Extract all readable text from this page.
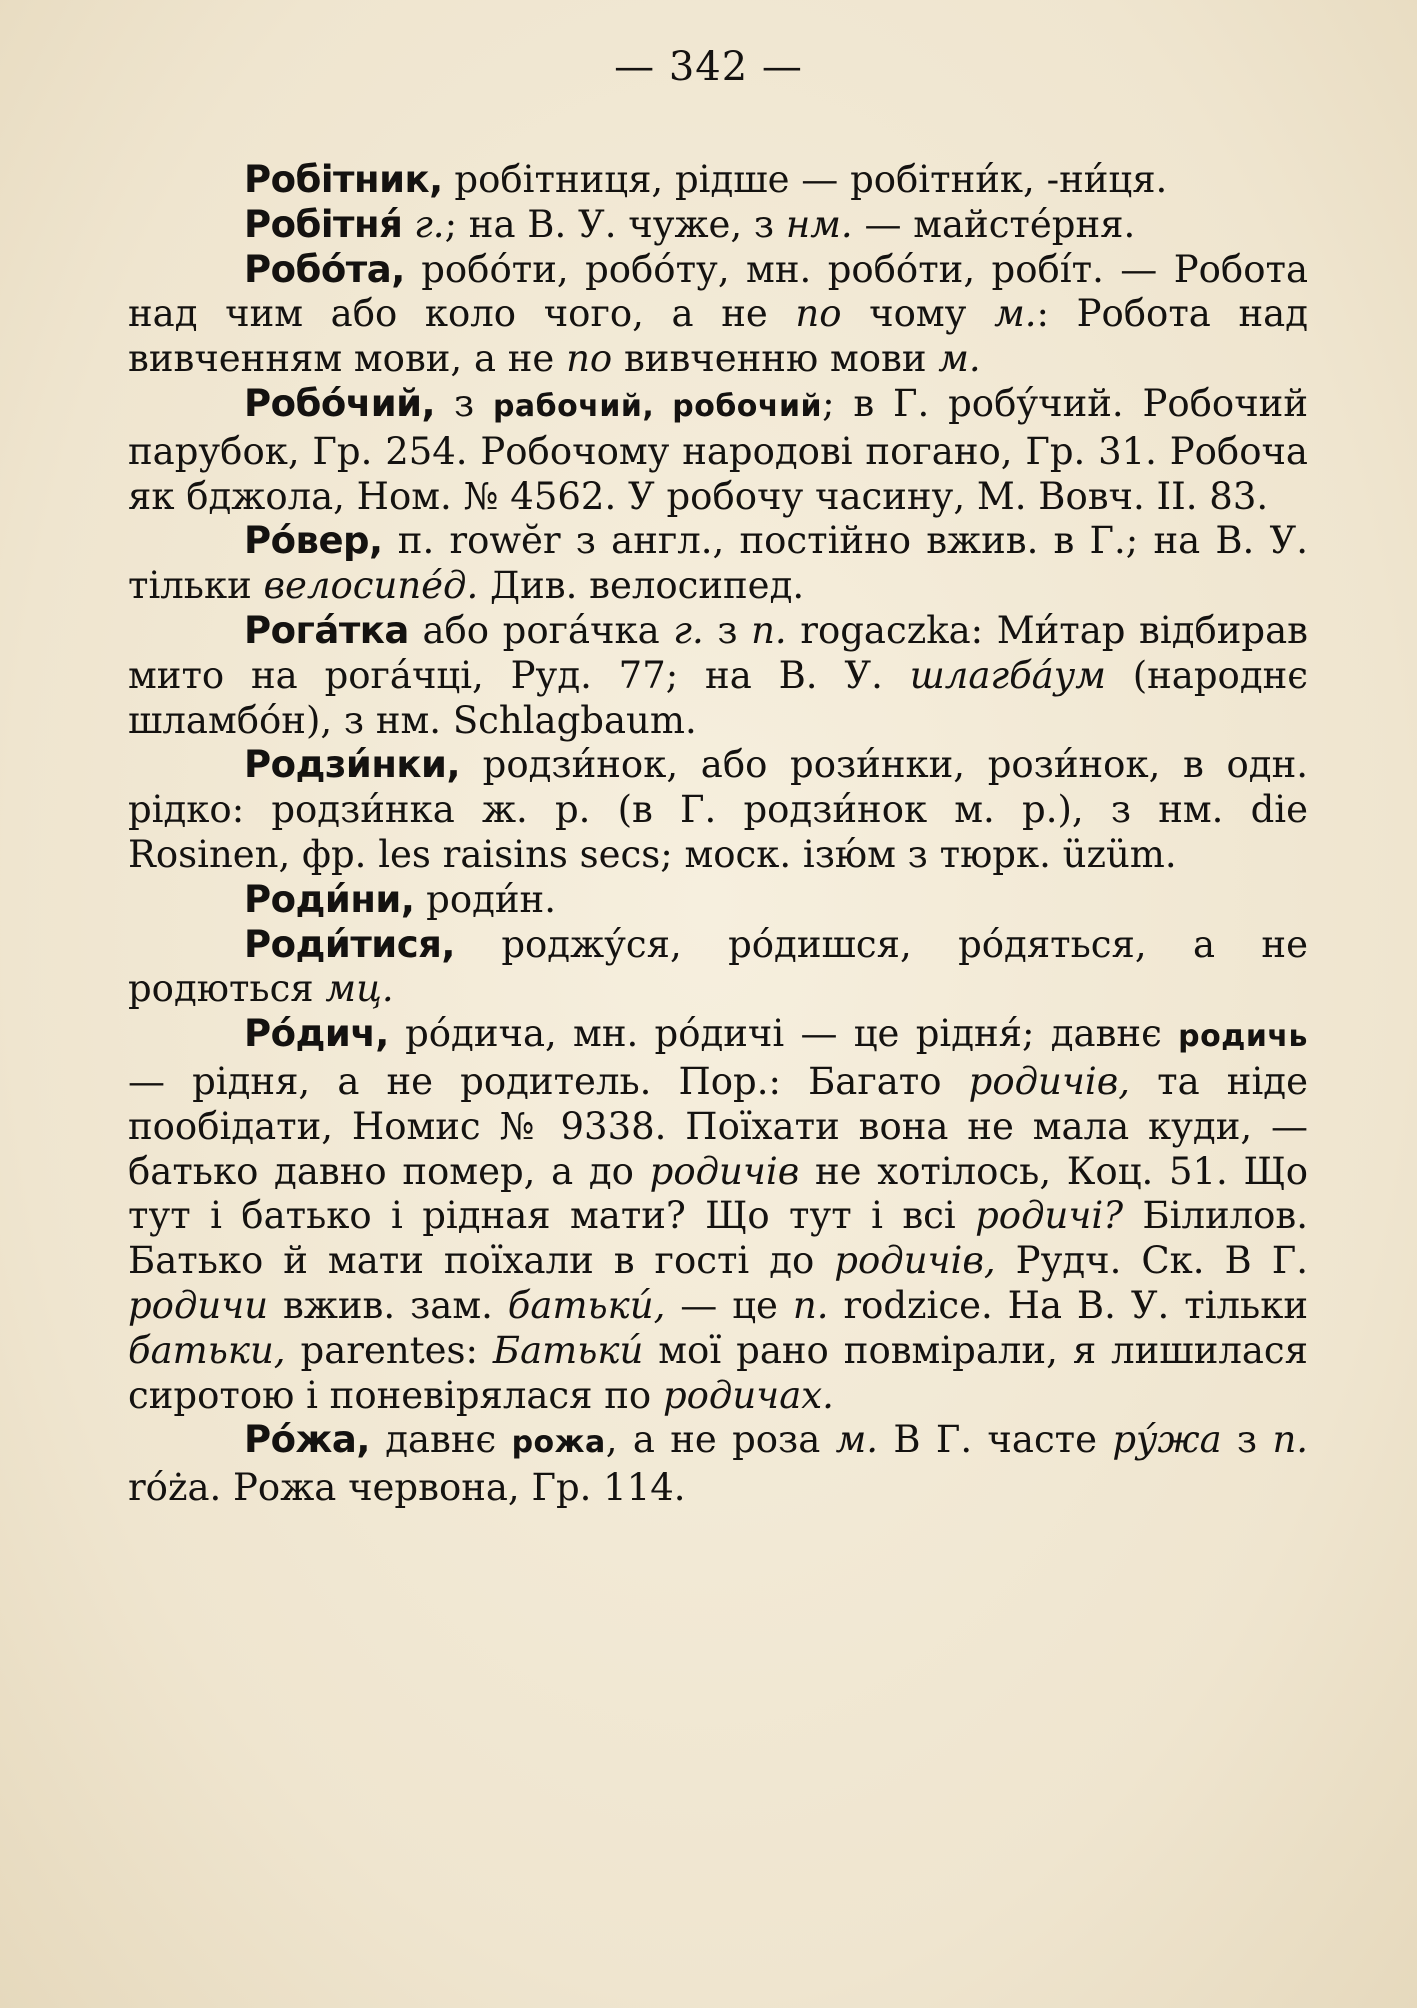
— 342 —

Робітник, робітниця, рідше — робітни́к, -ни́ця.

Робітня́ г.; на В. У. чуже, з нм. — майсте́рня.

Робо́та, робо́ти, робо́ту, мн. робо́ти, робі́т. — Робота над чим або коло чого, а не по чому м.: Робота над вивченням мови, а не по вивченню мови м.

Робо́чий, з рабочий, робочий; в Г. робу́чий. Робочий парубок, Гр. 254. Робочому народові погано, Гр. 31. Робоча як бджола, Ном. № 4562. У робочу часину, М. Вовч. II. 83.

Ро́вер, п. rowĕr з англ., постійно вжив. в Г.; на В. У. тільки велосипе́д. Див. велосипед.

Рога́тка або рога́чка г. з п. rogaczka: Ми́тар відбирав мито на рога́чці, Руд. 77; на В. У. шлагба́ум (народнє шламбо́н), з нм. Schlagbaum.

Родзи́нки, родзи́нок, або рози́нки, рози́нок, в одн. рідко: родзи́нка ж. р. (в Г. родзи́нок м. р.), з нм. die Rosinen, фр. les raisins secs; моск. ізю́м з тюрк. üzüm.

Роди́ни, роди́н.

Роди́тися, роджу́ся, ро́дишся, ро́дяться, а не родються мц.

Ро́дич, ро́дича, мн. ро́дичі — це рідня́; давнє родичь — рідня, а не родитель. Пор.: Багато родичів, та ніде пообідати, Номис № 9338. Поїхати вона не мала куди, — батько давно помер, а до родичів не хотілось, Коц. 51. Що тут і батько і рідная мати? Що тут і всі родичі? Білилов. Батько й мати поїхали в гості до родичів, Рудч. Ск. В Г. родичи вжив. зам. батькú, — це п. rodzice. На В. У. тільки батьки, parentes: Батькú мої рано повмірали, я лишилася сиротою і поневірялася по родичах.

Ро́жа, давнє рожа, а не роза м. В Г. часте ру́жа з п. róża. Рожа червона, Гр. 114.
